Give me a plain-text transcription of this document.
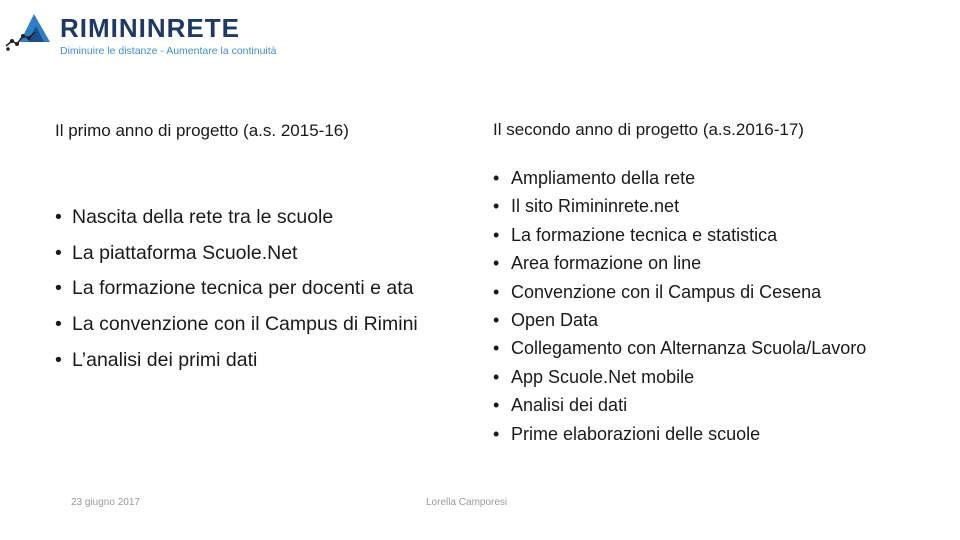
RIMININRETE
Diminuire le distanze - Aumentare la continuità
Il primo anno di progetto (a.s. 2015-16)
• Nascita della rete tra le scuole
• La piattaforma Scuole.Net
• La formazione tecnica per docenti e ata
• La convenzione con il Campus di Rimini
• L’analisi dei primi dati
Il secondo anno di progetto (a.s.2016-17)
• Ampliamento della rete
• Il sito Rimininrete.net
• La formazione tecnica e statistica
• Area formazione on line
• Convenzione con il Campus di Cesena
• Open Data
• Collegamento con Alternanza Scuola/Lavoro
• App Scuole.Net mobile
• Analisi dei dati
• Prime elaborazioni delle scuole
23 giugno 2017	Lorella Camporesi
